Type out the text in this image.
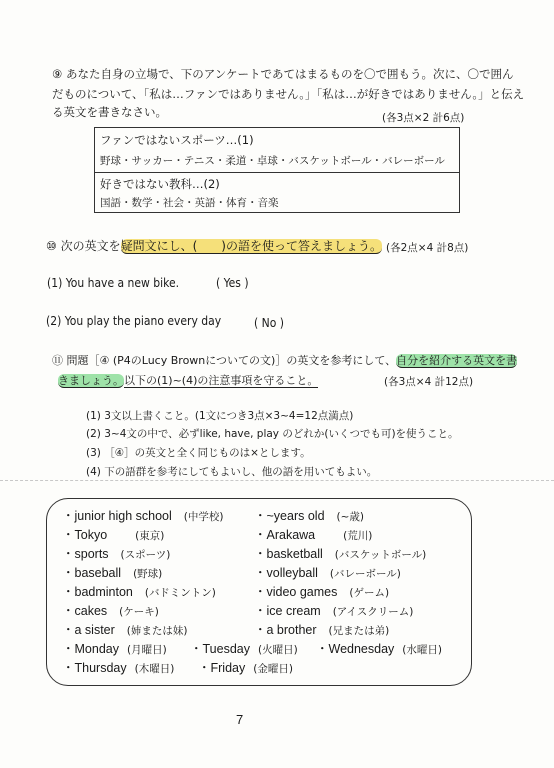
⑨ あなた自身の立場で、下のアンケートであてはまるものを〇で囲もう。次に、〇で囲ん
だものについて、「私は…ファンではありません。」「私は…が好きではありません。」と伝え
る英文を書きなさい。	(各3点×2 計6点)
ファンではないスポーツ…(1)
野球・サッカー・テニス・柔道・卓球・バスケットボール・バレーボール
好きではない教科…(2)
国語・数学・社会・英語・体育・音楽
⑩ 次の英文を疑問文にし、(　　)の語を使って答えましょう。 (各2点×4 計8点)
(1) You have a new bike.	( Yes )
(2) You play the piano every day	( No )
⑪ 問題［④ (P4のLucy Brownについての文)］の英文を参考にして、自分を紹介する英文を書
きましょう。以下の(1)~(4)の注意事項を守ること。	(各3点×4 計12点)
(1) 3文以上書くこと。(1文につき3点×3~4=12点満点)
(2) 3~4文の中で、必ずlike, have, play のどれか(いくつでも可)を使うこと。
(3) ［④］の英文と全く同じものは×とします。
(4) 下の語群を参考にしてもよいし、他の語を用いてもよい。
・junior high school (中学校)
・Tokyo	(東京)
・sports (スポーツ)
・baseball (野球)
・badminton (バドミントン)
・cakes (ケーキ)
・a sister (姉または妹)
・~years old (~歳)
・Arakawa	(荒川)
・basketball (バスケットボール)
・volleyball (バレーボール)
・video games (ゲーム)
・ice cream (アイスクリーム)
・a brother (兄または弟)
・Monday (月曜日) ・Tuesday (火曜日) ・Wednesday (水曜日)
・Thursday (木曜日) ・Friday (金曜日)
7
